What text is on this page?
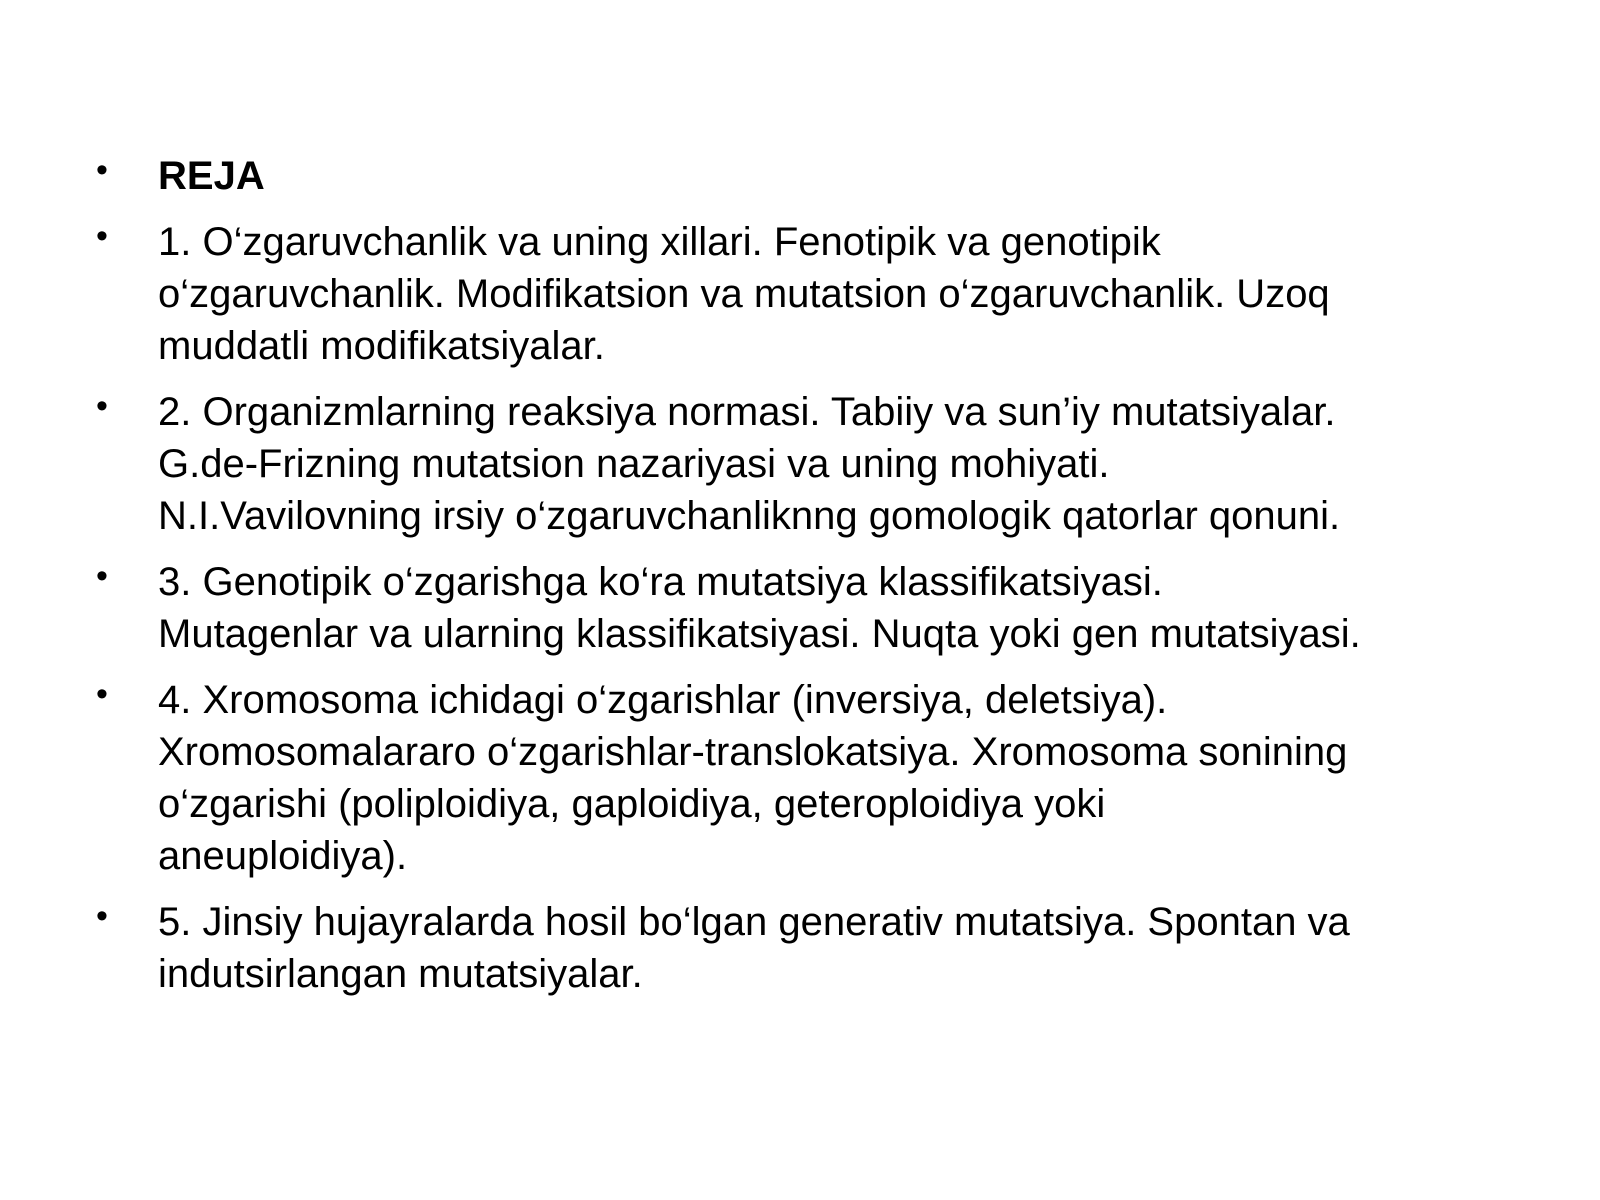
• REJA
• 1. O‘zgaruvchanlik va uning xillari. Fenotipik va genotipik
o‘zgaruvchanlik. Modifikatsion va mutatsion o‘zgaruvchanlik. Uzoq
muddatli modifikatsiyalar.
• 2. Organizmlarning reaksiya normasi. Tabiiy va sun’iy mutatsiyalar.
G.de-Frizning mutatsion nazariyasi va uning mohiyati.
N.I.Vavilovning irsiy o‘zgaruvchanliknng gomologik qatorlar qonuni.
• 3. Genotipik o‘zgarishga ko‘ra mutatsiya klassifikatsiyasi.
Mutagenlar va ularning klassifikatsiyasi. Nuqta yoki gen mutatsiyasi.
• 4. Xromosoma ichidagi o‘zgarishlar (inversiya, deletsiya).
Xromosomalararo o‘zgarishlar-translokatsiya. Xromosoma sonining
o‘zgarishi (poliploidiya, gaploidiya, geteroploidiya yoki
aneuploidiya).
• 5. Jinsiy hujayralarda hosil bo‘lgan generativ mutatsiya. Spontan va
indutsirlangan mutatsiyalar.
